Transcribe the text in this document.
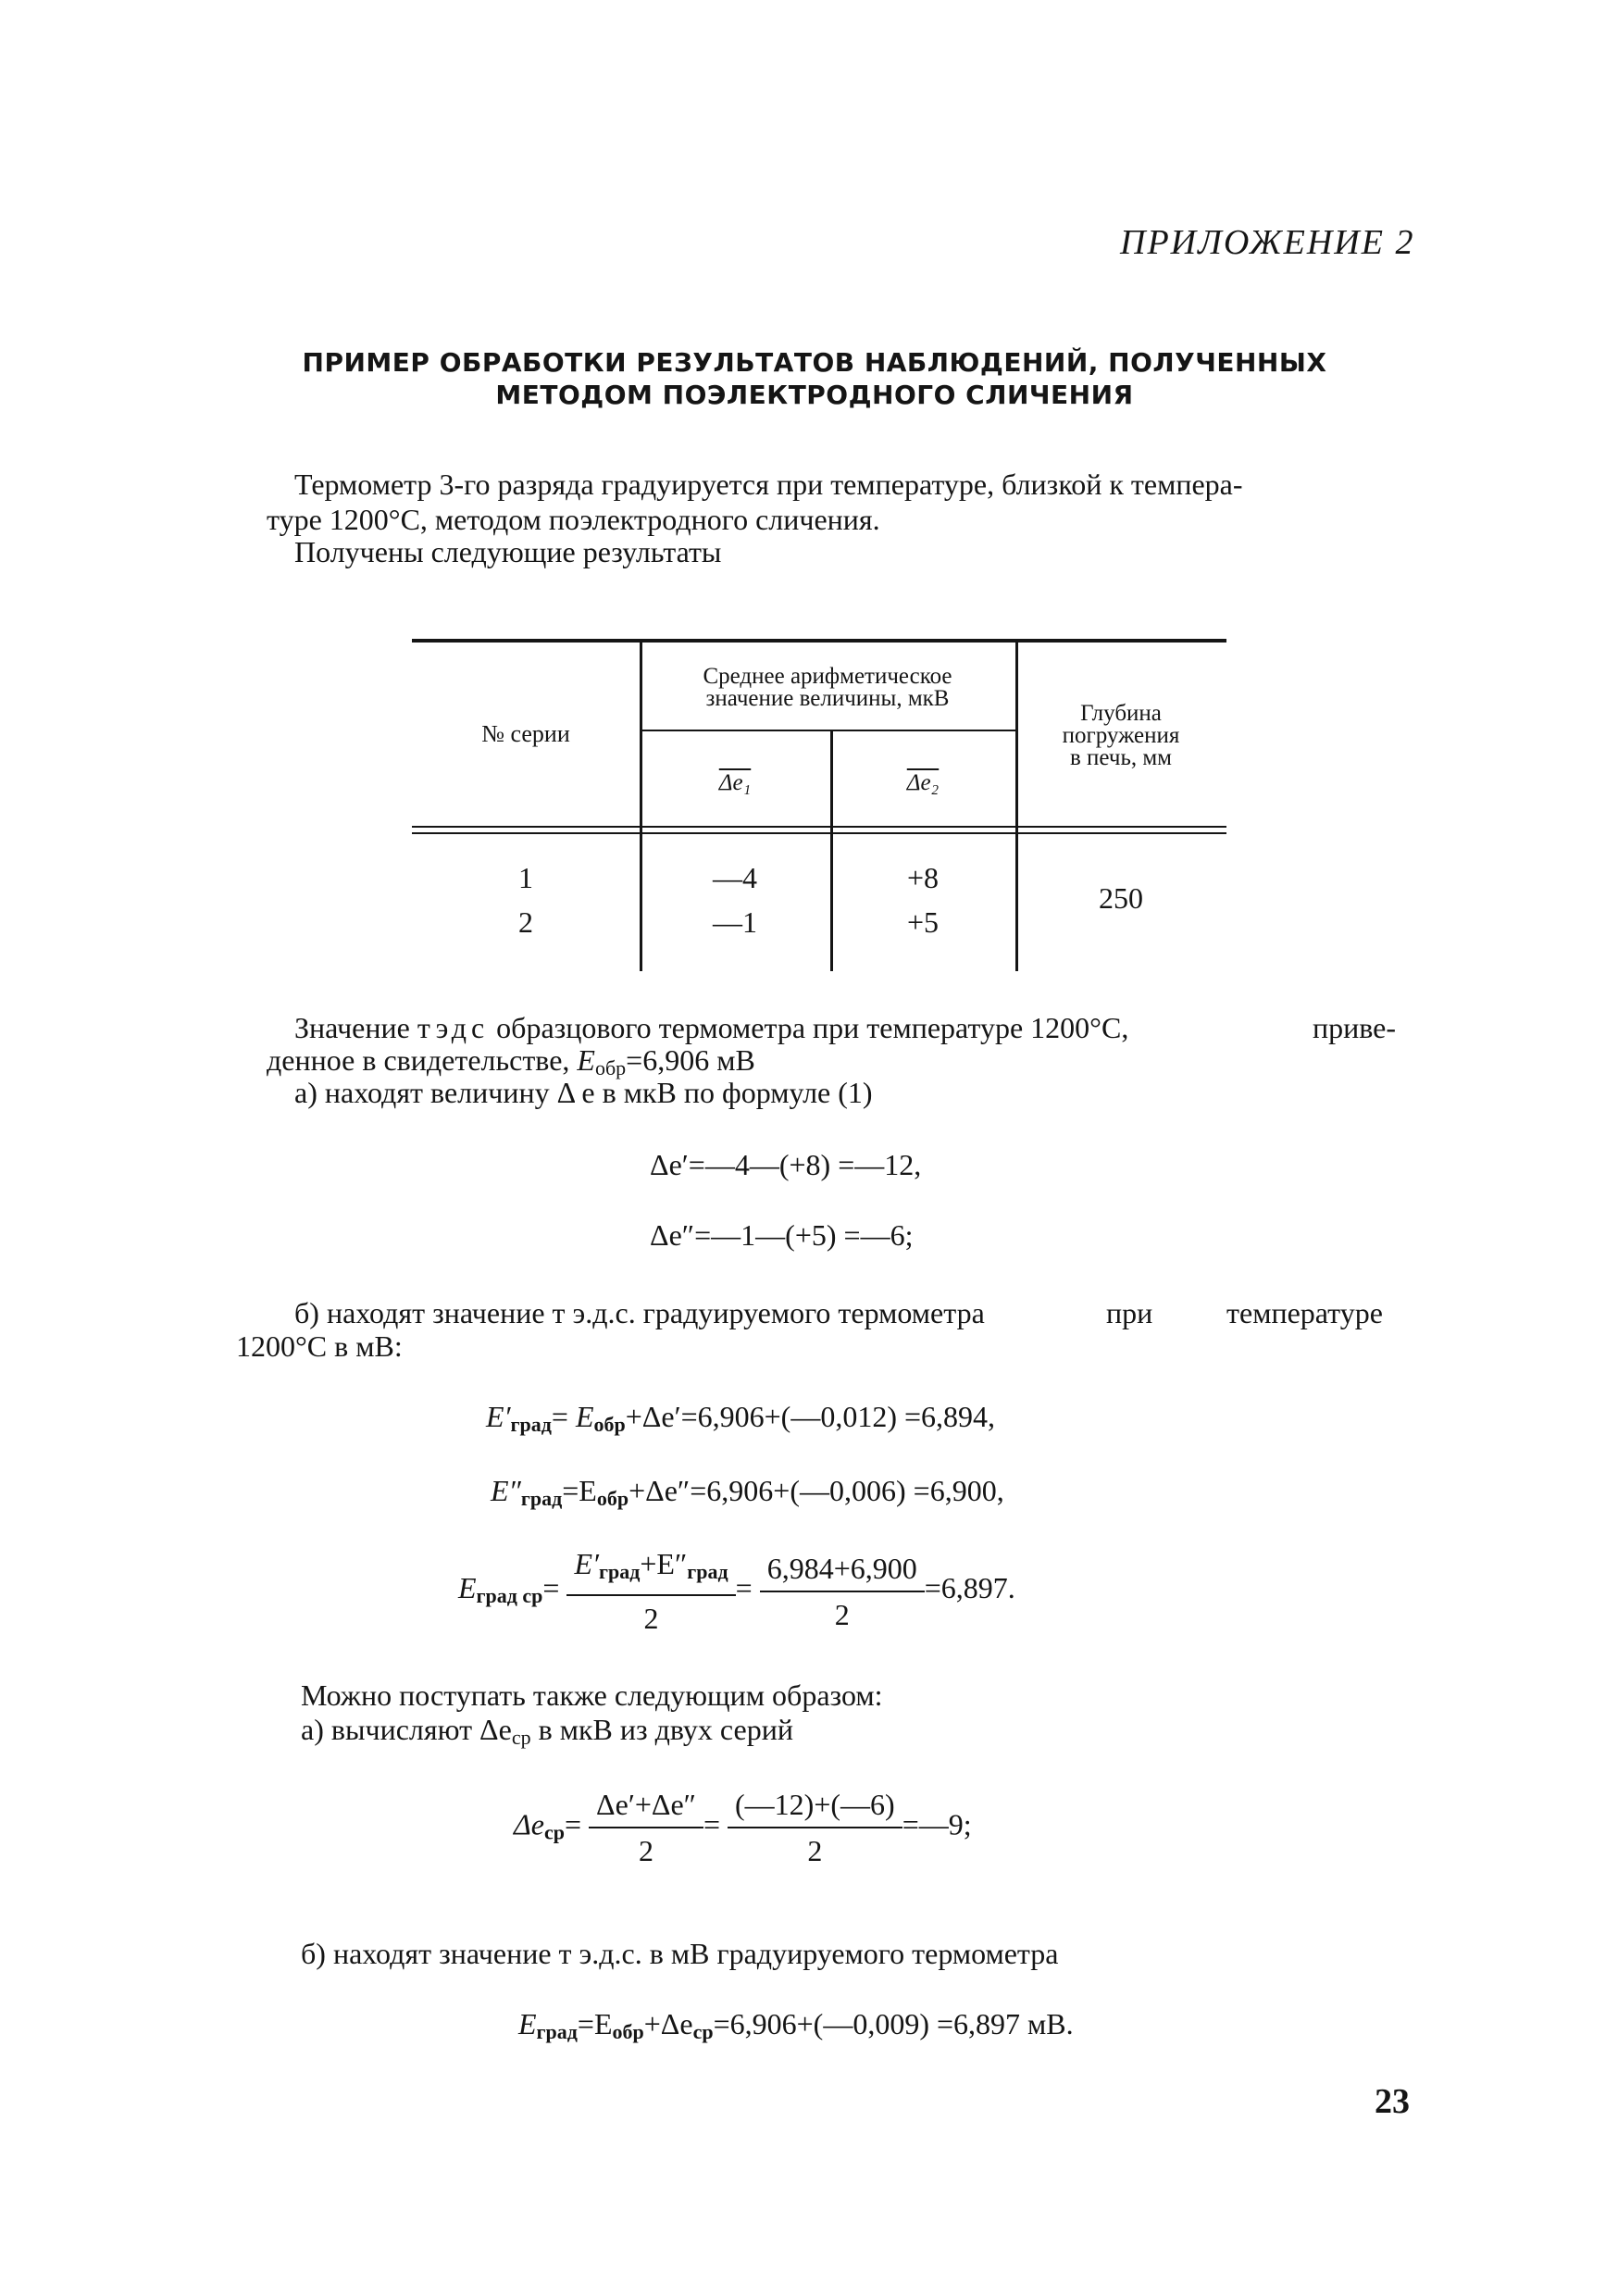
ПРИЛОЖЕНИЕ 2
ПРИМЕР ОБРАБОТКИ РЕЗУЛЬТАТОВ НАБЛЮДЕНИЙ, ПОЛУЧЕННЫХ
МЕТОДОМ ПОЭЛЕКТРОДНОГО СЛИЧЕНИЯ
Термометр 3-го разряда градуируется при температуре, близкой к темпера-
туре 1200°С, методом поэлектродного сличения.
Получены следующие результаты
№ серии
Среднее арифметическое
значение величины, мкВ
Δe₁	Δe₂
Глубина
погружения
в печь, мм
1	—4	+8
2	—1	+5
250
Значение тэдс образцового термометра при температуре 1200°С,	приве-
денное в свидетельстве, $E_{обр}=6,906$ мВ
а) находят величину Δ e в мкВ по формуле (1)
Δe′=—4—(+8) =—12,
Δe″=—1—(+5) =—6;
б) находят значение т э.д.с. градуируемого термометра	при температуре
1200°С в мВ:
$E'_{град}=$ $E_{обр}+\Delta e'=6,906+(—0,012) =6,894$,
$E''_{град}=E_{обр}+\Delta e''=6,906+(—0,006) =6,900$,
$E_{град ср}= \frac{E'_{град}+E''_{град}}{2} = \frac{6,984+6,900}{2} =6,897$.
Можно поступать также следующим образом:
а) вычисляют $\Delta e_{ср}$ в мкВ из двух серий
$\Delta e_{ср}= \frac{\Delta e'+\Delta e''}{2} = \frac{(—12)+(—6)}{2}$ =—9;
б) находят значение т э.д.с. в мВ градуируемого термометра
$E_{град}=E_{обр}+\Delta e_{ср}=6,906+(—0,009) =6,897$ мВ.
23
